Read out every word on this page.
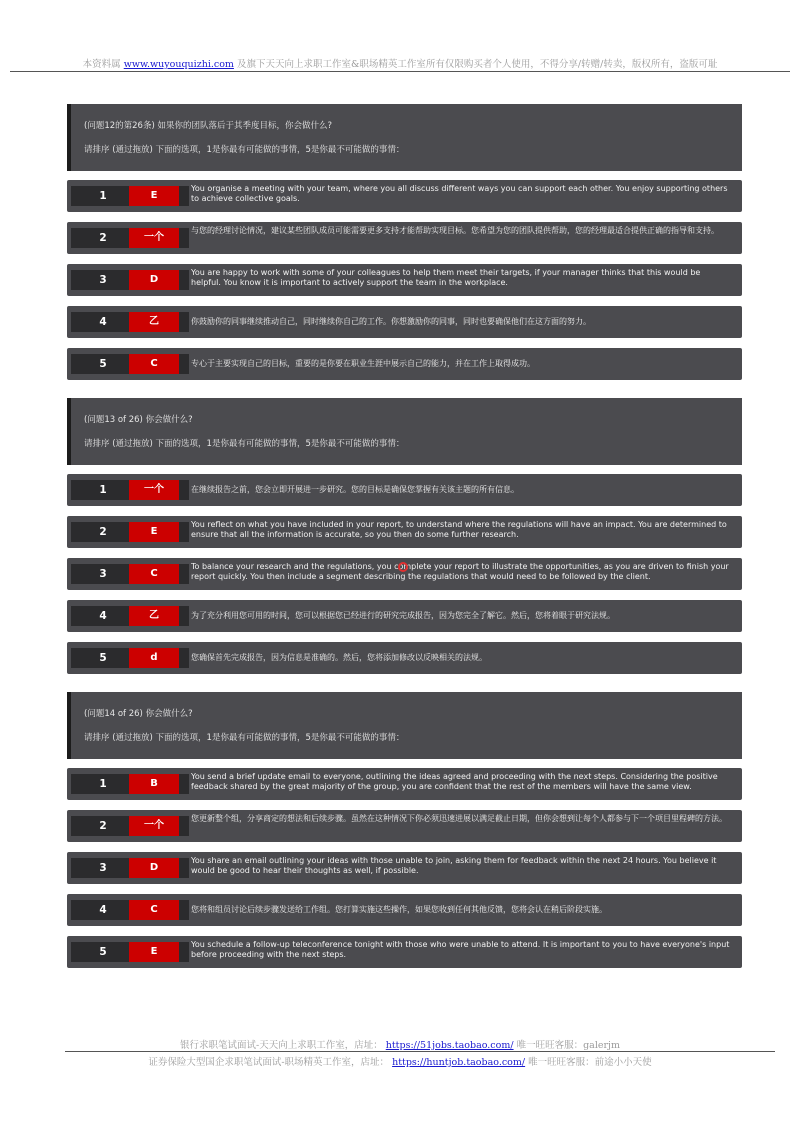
本资料属 www.wuyouquizhi.com 及旗下天天向上求职工作室&职场精英工作室所有仅限购买者个人使用，不得分享/转赠/转卖，版权所有，盗版可耻
(问题12的第26条) 如果你的团队落后于其季度目标，你会做什么?
请排序 (通过拖放) 下面的选项，1是你最有可能做的事情，5是你最不可能做的事情：
1	E
You organise a meeting with your team, where you all discuss different ways you can support each other. You enjoy supporting others to achieve collective goals.
2	一个
与您的经理讨论情况，建议某些团队成员可能需要更多支持才能帮助实现目标。您希望为您的团队提供帮助，您的经理最适合提供正确的指导和支持。
3	D
You are happy to work with some of your colleagues to help them meet their targets, if your manager thinks that this would be helpful. You know it is important to actively support the team in the workplace.
4	乙	你鼓励你的同事继续推动自己，同时继续你自己的工作。你想激励你的同事，同时也要确保他们在这方面的努力。
5	C	专心于主要实现自己的目标，重要的是你要在职业生涯中展示自己的能力，并在工作上取得成功。
(问题13 of 26) 你会做什么?
请排序 (通过拖放) 下面的选项，1是你最有可能做的事情，5是你最不可能做的事情：
1	一个	在继续报告之前，您会立即开展进一步研究。您的目标是确保您掌握有关该主题的所有信息。
2	E
You reflect on what you have included in your report, to understand where the regulations will have an impact. You are determined to ensure that all the information is accurate, so you then do some further research.
3	C
To balance your research and the regulations, you complete your report to illustrate the opportunities, as you are driven to finish your report quickly. You then include a segment describing the regulations that would need to be followed by the client.
4	乙	为了充分利用您可用的时间，您可以根据您已经进行的研究完成报告，因为您完全了解它。然后，您将着眼于研究法规。
5	d	您确保首先完成报告，因为信息是准确的。然后，您将添加修改以反映相关的法规。
(问题14 of 26) 你会做什么?
请排序 (通过拖放) 下面的选项，1是你最有可能做的事情，5是你最不可能做的事情：
1	B
You send a brief update email to everyone, outlining the ideas agreed and proceeding with the next steps. Considering the positive feedback shared by the great majority of the group, you are confident that the rest of the members will have the same view.
2	一个
您更新整个组，分享商定的想法和后续步骤。虽然在这种情况下你必须迅速进展以满足截止日期，但你会想到让每个人都参与下一个项目里程碑的方法。
3	D
You share an email outlining your ideas with those unable to join, asking them for feedback within the next 24 hours. You believe it would be good to hear their thoughts as well, if possible.
4	C	您将和组员讨论后续步骤发送给工作组。您打算实施这些操作，如果您收到任何其他反馈，您将会认在稍后阶段实施。
5	E
You schedule a follow-up teleconference tonight with those who were unable to attend. It is important to you to have everyone's input before proceeding with the next steps.
银行求职笔试面试-天天向上求职工作室，店址： https://51jobs.taobao.com/ 唯一旺旺客服：galerjm
证券保险大型国企求职笔试面试-职场精英工作室，店址： https://huntjob.taobao.com/ 唯一旺旺客服：前途小小天使
